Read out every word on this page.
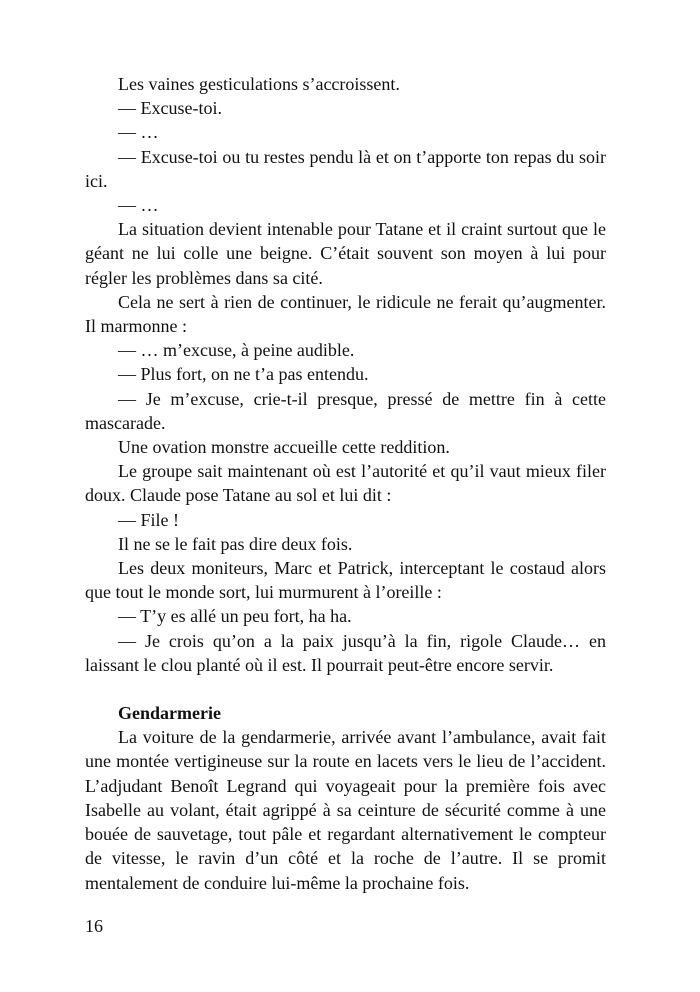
Les vaines gesticulations s’accroissent.

— Excuse-toi.

— …

— Excuse-toi ou tu restes pendu là et on t’apporte ton repas du soir ici.

— …

La situation devient intenable pour Tatane et il craint surtout que le géant ne lui colle une beigne. C’était souvent son moyen à lui pour régler les problèmes dans sa cité.

Cela ne sert à rien de continuer, le ridicule ne ferait qu’augmenter. Il marmonne :

— … m’excuse, à peine audible.

— Plus fort, on ne t’a pas entendu.

— Je m’excuse, crie-t-il presque, pressé de mettre fin à cette mascarade.

Une ovation monstre accueille cette reddition.

Le groupe sait maintenant où est l’autorité et qu’il vaut mieux filer doux. Claude pose Tatane au sol et lui dit :

— File !

Il ne se le fait pas dire deux fois.

Les deux moniteurs, Marc et Patrick, interceptant le costaud alors que tout le monde sort, lui murmurent à l’oreille :

— T’y es allé un peu fort, ha ha.

— Je crois qu’on a la paix jusqu’à la fin, rigole Claude… en laissant le clou planté où il est. Il pourrait peut-être encore servir.

Gendarmerie

La voiture de la gendarmerie, arrivée avant l’ambulance, avait fait une montée vertigineuse sur la route en lacets vers le lieu de l’accident. L’adjudant Benoît Legrand qui voyageait pour la première fois avec Isabelle au volant, était agrippé à sa ceinture de sécurité comme à une bouée de sauvetage, tout pâle et regardant alternativement le compteur de vitesse, le ravin d’un côté et la roche de l’autre. Il se promit mentalement de conduire lui-même la prochaine fois.

16
